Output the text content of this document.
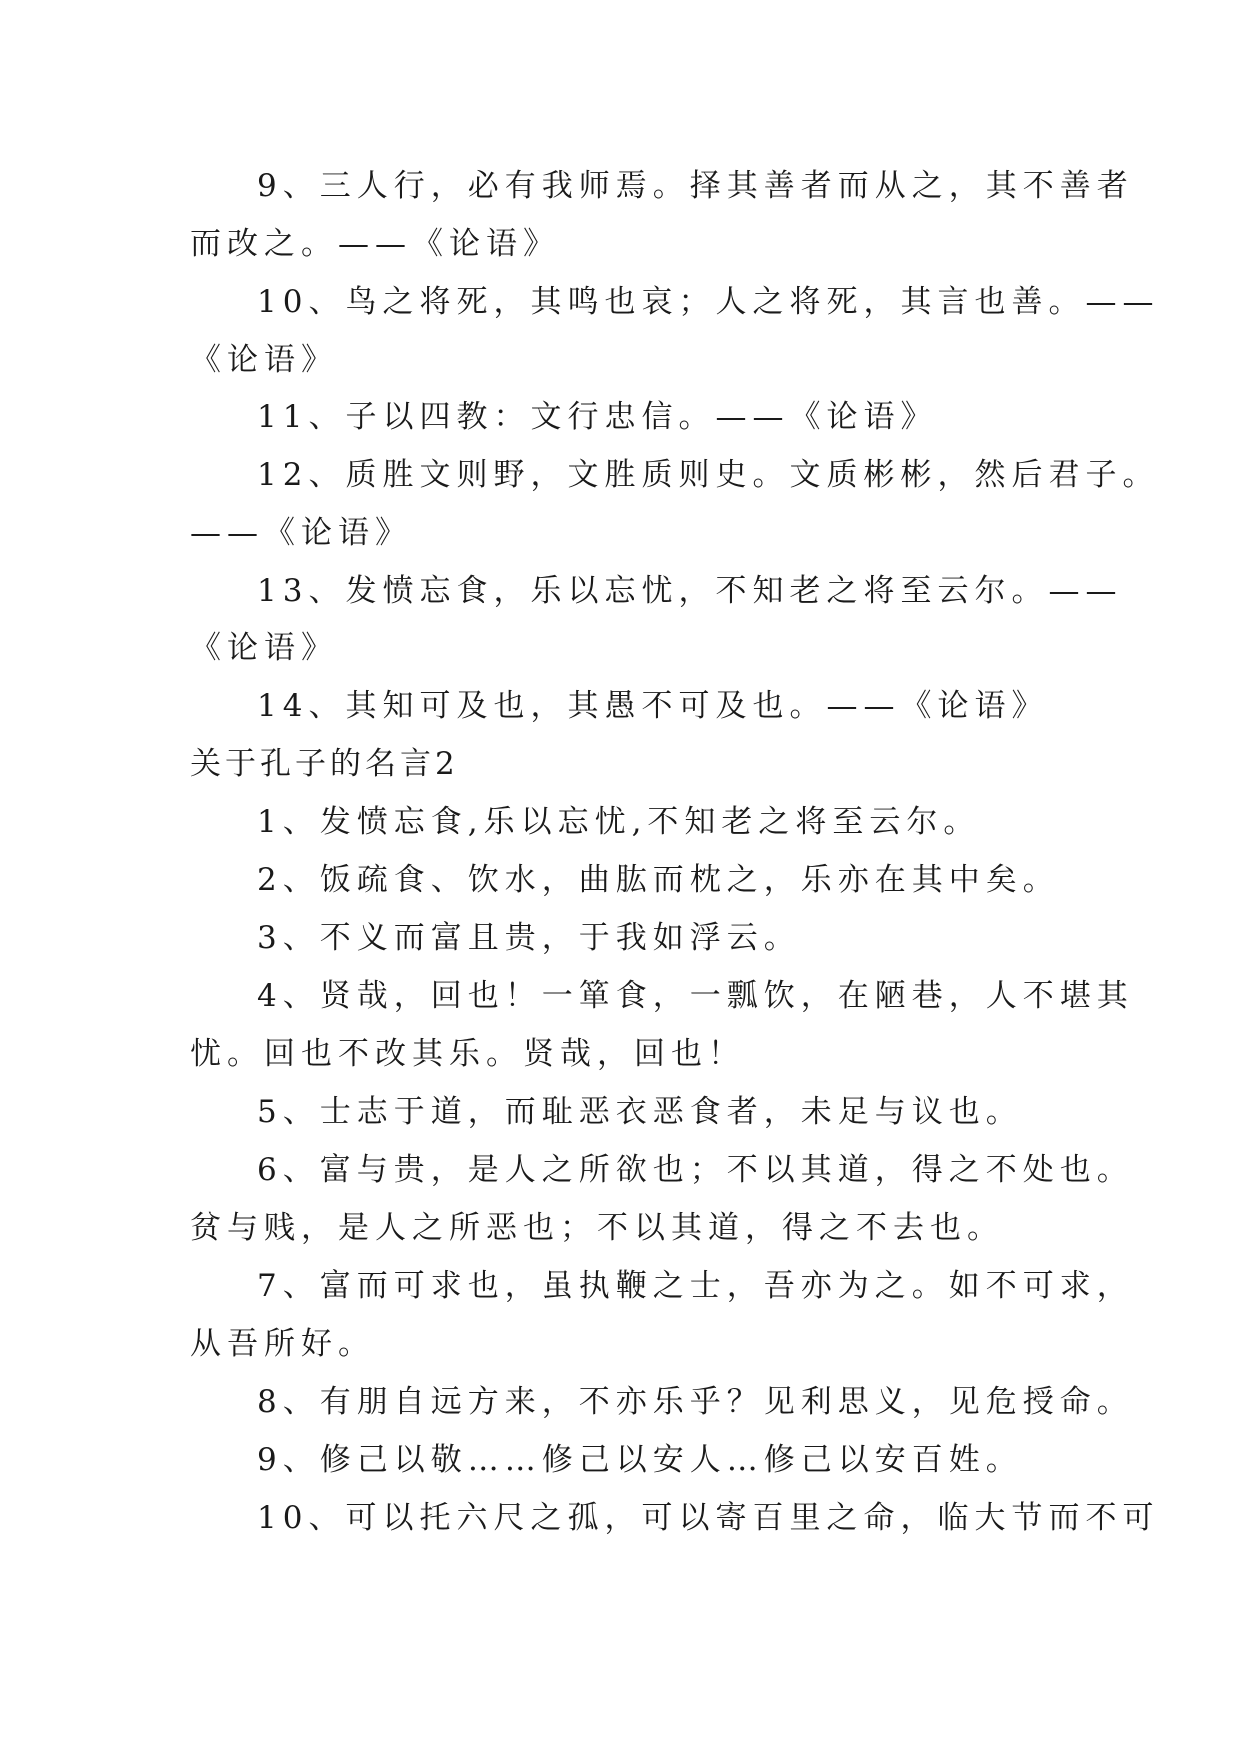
9、三人行，必有我师焉。择其善者而从之，其不善者
而改之。——《论语》
10、鸟之将死，其鸣也哀；人之将死，其言也善。——
《论语》
11、子以四教：文行忠信。——《论语》
12、质胜文则野，文胜质则史。文质彬彬，然后君子。
——《论语》
13、发愤忘食，乐以忘忧，不知老之将至云尔。——
《论语》
14、其知可及也，其愚不可及也。——《论语》
关于孔子的名言2
1、发愤忘食,乐以忘忧,不知老之将至云尔。
2、饭疏食、饮水，曲肱而枕之，乐亦在其中矣。
3、不义而富且贵，于我如浮云。
4、贤哉，回也！一箪食，一瓢饮，在陋巷，人不堪其
忧。回也不改其乐。贤哉，回也！
5、士志于道，而耻恶衣恶食者，未足与议也。
6、富与贵，是人之所欲也；不以其道，得之不处也。
贫与贱，是人之所恶也；不以其道，得之不去也。
7、富而可求也，虽执鞭之士，吾亦为之。如不可求，
从吾所好。
8、有朋自远方来，不亦乐乎？见利思义，见危授命。
9、修己以敬……修己以安人…修己以安百姓。
10、可以托六尺之孤，可以寄百里之命，临大节而不可
